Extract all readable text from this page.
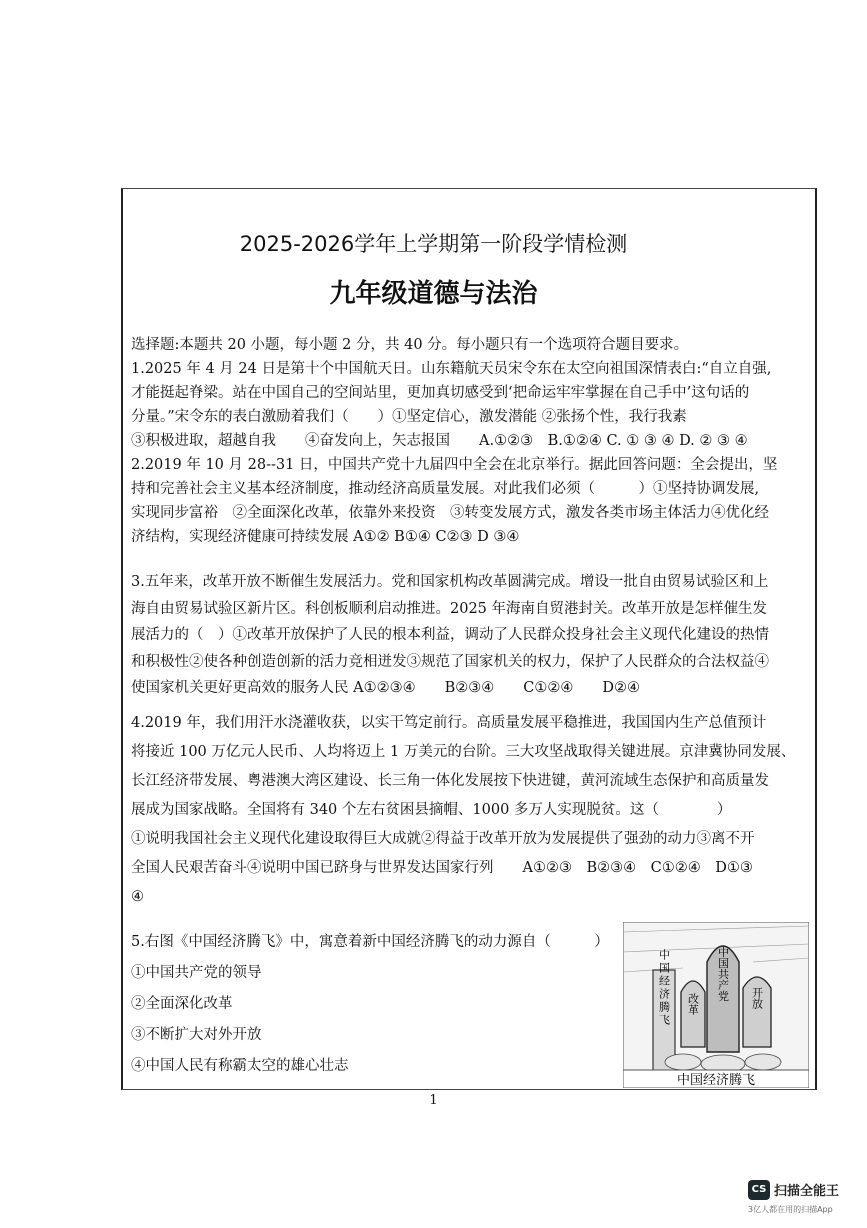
2025-2026学年上学期第一阶段学情检测
九年级道德与法治
选择题:本题共 20 小题，每小题 2 分，共 40 分。每小题只有一个选项符合题目要求。
1.2025 年 4 月 24 日是第十个中国航天日。山东籍航天员宋令东在太空向祖国深情表白:“自立自强,
才能挺起脊梁。站在中国自己的空间站里，更加真切感受到‘把命运牢牢掌握在自己手中’这句话的
分量。”宋令东的表白激励着我们（　　）①坚定信心，激发潜能 ②张扬个性，我行我素
③积极进取，超越自我　　④奋发向上，矢志报国　　A.①②③　B.①②④ C. ① ③ ④ D. ② ③ ④
2.2019 年 10 月 28--31 日，中国共产党十九届四中全会在北京举行。据此回答问题：全会提出，坚
持和完善社会主义基本经济制度，推动经济高质量发展。对此我们必须（　　　）①坚持协调发展,
实现同步富裕　②全面深化改革，依靠外来投资　③转变发展方式，激发各类市场主体活力④优化经
济结构，实现经济健康可持续发展 A①② B①④ C②③ D ③④
3.五年来，改革开放不断催生发展活力。党和国家机构改革圆满完成。增设一批自由贸易试验区和上
海自由贸易试验区新片区。科创板顺利启动推进。2025 年海南自贸港封关。改革开放是怎样催生发
展活力的（　）①改革开放保护了人民的根本利益，调动了人民群众投身社会主义现代化建设的热情
和积极性②使各种创造创新的活力竞相迸发③规范了国家机关的权力，保护了人民群众的合法权益④
使国家机关更好更高效的服务人民 A①②③④　　B②③④　　C①②④　　D②④
4.2019 年，我们用汗水浇灌收获，以实干笃定前行。高质量发展平稳推进，我国国内生产总值预计
将接近 100 万亿元人民币、人均将迈上 1 万美元的台阶。三大攻坚战取得关键进展。京津冀协同发展、
长江经济带发展、粤港澳大湾区建设、长三角一体化发展按下快进键，黄河流域生态保护和高质量发
展成为国家战略。全国将有 340 个左右贫困县摘帽、1000 多万人实现脱贫。这（　　　　）
①说明我国社会主义现代化建设取得巨大成就②得益于改革开放为发展提供了强劲的动力③离不开
全国人民艰苦奋斗④说明中国已跻身与世界发达国家行列　　A①②③　B②③④　C①②④　D①③
④
5.右图《中国经济腾飞》中，寓意着新中国经济腾飞的动力源自（　　　）
①中国共产党的领导
②全面深化改革
③不断扩大对外开放
④中国人民有称霸太空的雄心壮志
中国经济腾飞 改革
中国共产党 开放
中国经济腾飞
1
CS 扫描全能王
3亿人都在用的扫描App
